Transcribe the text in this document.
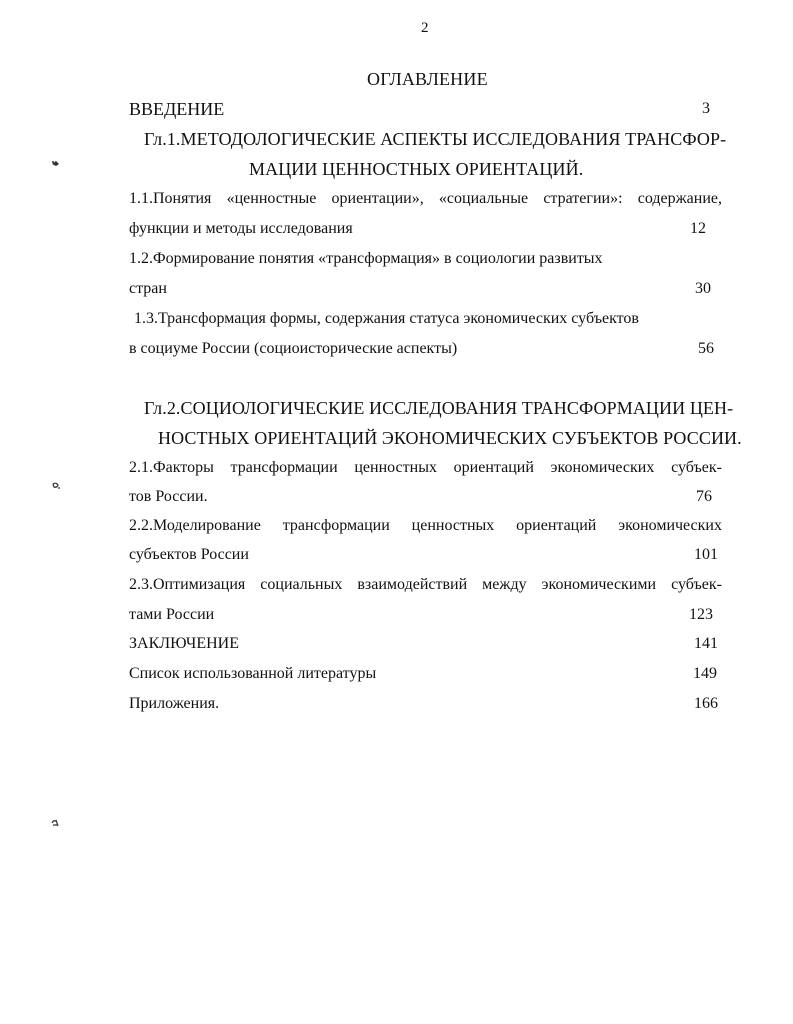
2
ОГЛАВЛЕНИЕ
ВВЕДЕНИЕ	3
Гл.1.МЕТОДОЛОГИЧЕСКИЕ АСПЕКТЫ ИССЛЕДОВАНИЯ ТРАНСФОР-
МАЦИИ ЦЕННОСТНЫХ ОРИЕНТАЦИЙ.
1.1.Понятия «ценностные ориентации», «социальные стратегии»: содержание,
функции и методы исследования	12
1.2.Формирование понятия «трансформация» в социологии развитых
стран	30
1.3.Трансформация формы, содержания статуса экономических субъектов
в социуме России (социоисторические аспекты)	56
Гл.2.СОЦИОЛОГИЧЕСКИЕ ИССЛЕДОВАНИЯ ТРАНСФОРМАЦИИ ЦЕН-
НОСТНЫХ ОРИЕНТАЦИЙ ЭКОНОМИЧЕСКИХ СУБЪЕКТОВ РОССИИ.
2.1.Факторы трансформации ценностных ориентаций экономических субъек-
тов России.	76
2.2.Моделирование трансформации ценностных ориентаций экономических
субъектов России	101
2.3.Оптимизация социальных взаимодействий между экономическими субъек-
тами России	123
ЗАКЛЮЧЕНИЕ	141
Список использованной литературы	149
Приложения.	166
